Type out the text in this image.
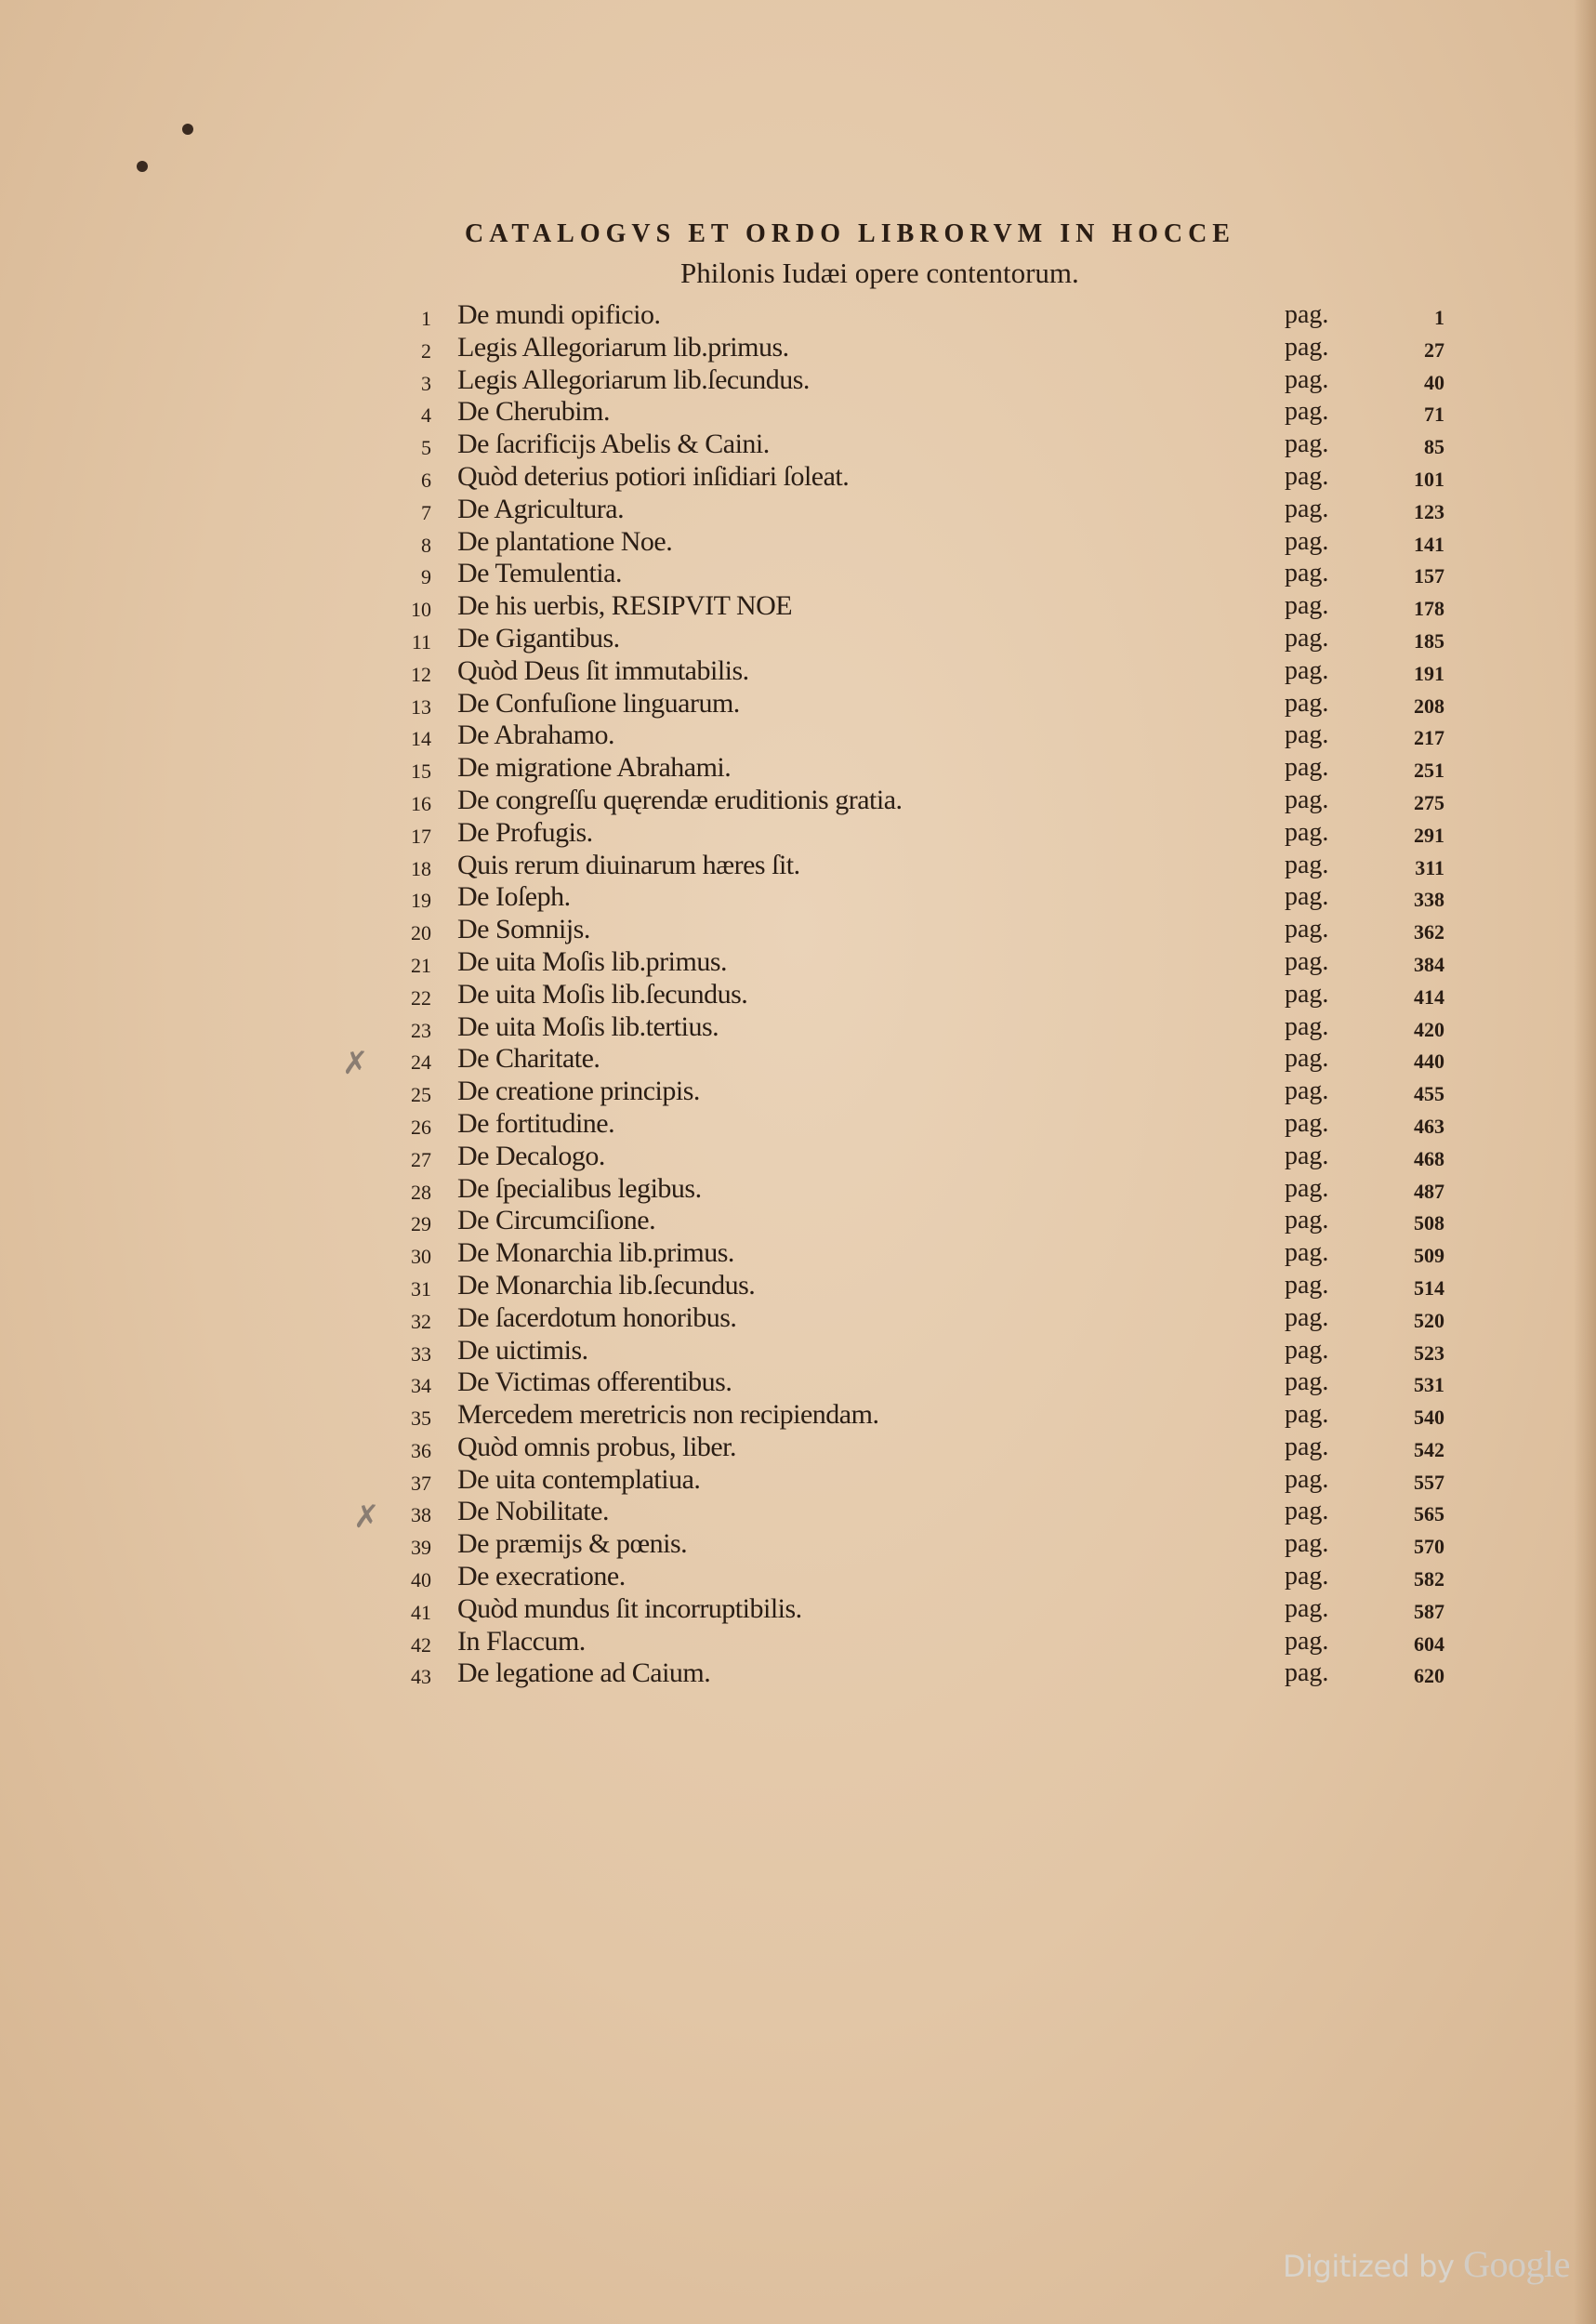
CATALOGVS ET ORDO LIBRORVM IN HOCCE
Philonis Iudæi opere contentorum.
1 De mundi opificio.	pag.	1
2 Legis Allegoriarum lib.primus.	pag.	27
3 Legis Allegoriarum lib.ſecundus.	pag.	40
4 De Cherubim.	pag.	71
5 De ſacrificijs Abelis & Caini.	pag.	85
6 Quòd deterius potiori inſidiari ſoleat.	pag.	101
7 De Agricultura.	pag.	123
8 De plantatione Noe.	pag.	141
9 De Temulentia.	pag.	157
10 De his uerbis, RESIPVIT NOE	pag.	178
11 De Gigantibus.	pag.	185
12 Quòd Deus ſit immutabilis.	pag.	191
13 De Confuſione linguarum.	pag.	208
14 De Abrahamo.	pag.	217
15 De migratione Abrahami.	pag.	251
16 De congreſſu quęrendæ eruditionis gratia.	pag.	275
17 De Profugis.	pag.	291
18 Quis rerum diuinarum hæres ſit.	pag.	311
19 De Ioſeph.	pag.	338
20 De Somnijs.	pag.	362
21 De uita Moſis lib.primus.	pag.	384
22 De uita Moſis lib.ſecundus.	pag.	414
23 De uita Moſis lib.tertius.	pag.	420
24 De Charitate.	pag.	440
25 De creatione principis.	pag.	455
26 De fortitudine.	pag.	463
27 De Decalogo.	pag.	468
28 De ſpecialibus legibus.	pag.	487
29 De Circumciſione.	pag.	508
30 De Monarchia lib.primus.	pag.	509
31 De Monarchia lib.ſecundus.	pag.	514
32 De ſacerdotum honoribus.	pag.	520
33 De uictimis.	pag.	523
34 De Victimas offerentibus.	pag.	531
35 Mercedem meretricis non recipiendam.	pag.	540
36 Quòd omnis probus, liber.	pag.	542
37 De uita contemplatiua.	pag.	557
38 De Nobilitate.	pag.	565
39 De præmijs & pœnis.	pag.	570
40 De execratione.	pag.	582
41 Quòd mundus ſit incorruptibilis.	pag.	587
42 In Flaccum.	pag.	604
43 De legatione ad Caium.	pag.	620
✗
✗
Digitized by Google
